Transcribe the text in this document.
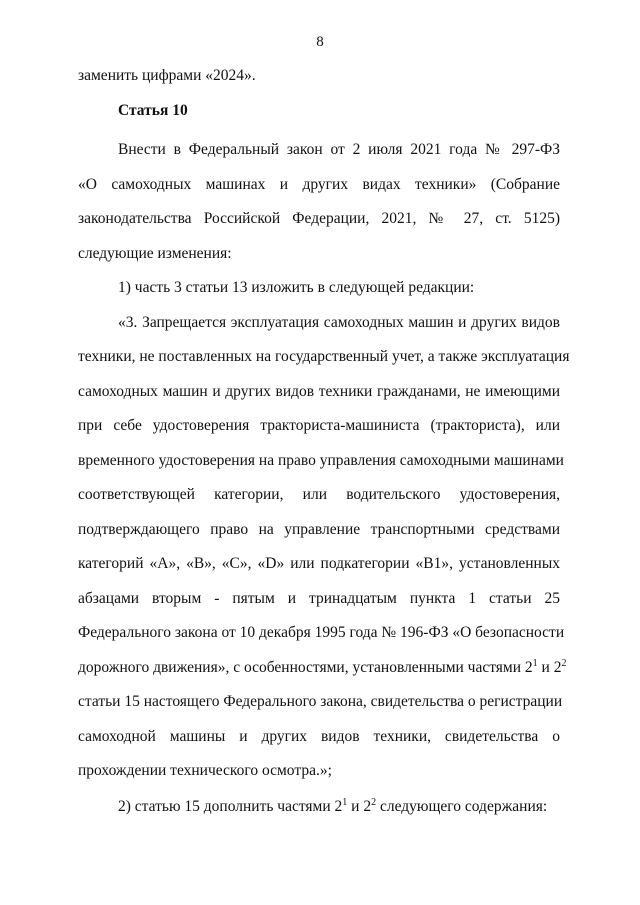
8
заменить цифрами «2024».
Статья 10
Внести в Федеральный закон от 2 июля 2021 года № 297-ФЗ
«О самоходных машинах и других видах техники» (Собрание
законодательства Российской Федерации, 2021, № 27, ст. 5125)
следующие изменения:
1) часть 3 статьи 13 изложить в следующей редакции:
«3. Запрещается эксплуатация самоходных машин и других видов
техники, не поставленных на государственный учет, а также эксплуатация
самоходных машин и других видов техники гражданами, не имеющими
при себе удостоверения тракториста-машиниста (тракториста), или
временного удостоверения на право управления самоходными машинами
соответствующей категории, или водительского удостоверения,
подтверждающего право на управление транспортными средствами
категорий «A», «B», «C», «D» или подкатегории «B1», установленных
абзацами вторым - пятым и тринадцатым пункта 1 статьи 25
Федерального закона от 10 декабря 1995 года № 196-ФЗ «О безопасности
дорожного движения», с особенностями, установленными частями $2^1$ и $2^2$
статьи 15 настоящего Федерального закона, свидетельства о регистрации
самоходной машины и других видов техники, свидетельства о
прохождении технического осмотра.»;
2) статью 15 дополнить частями $2^1$ и $2^2$ следующего содержания:
